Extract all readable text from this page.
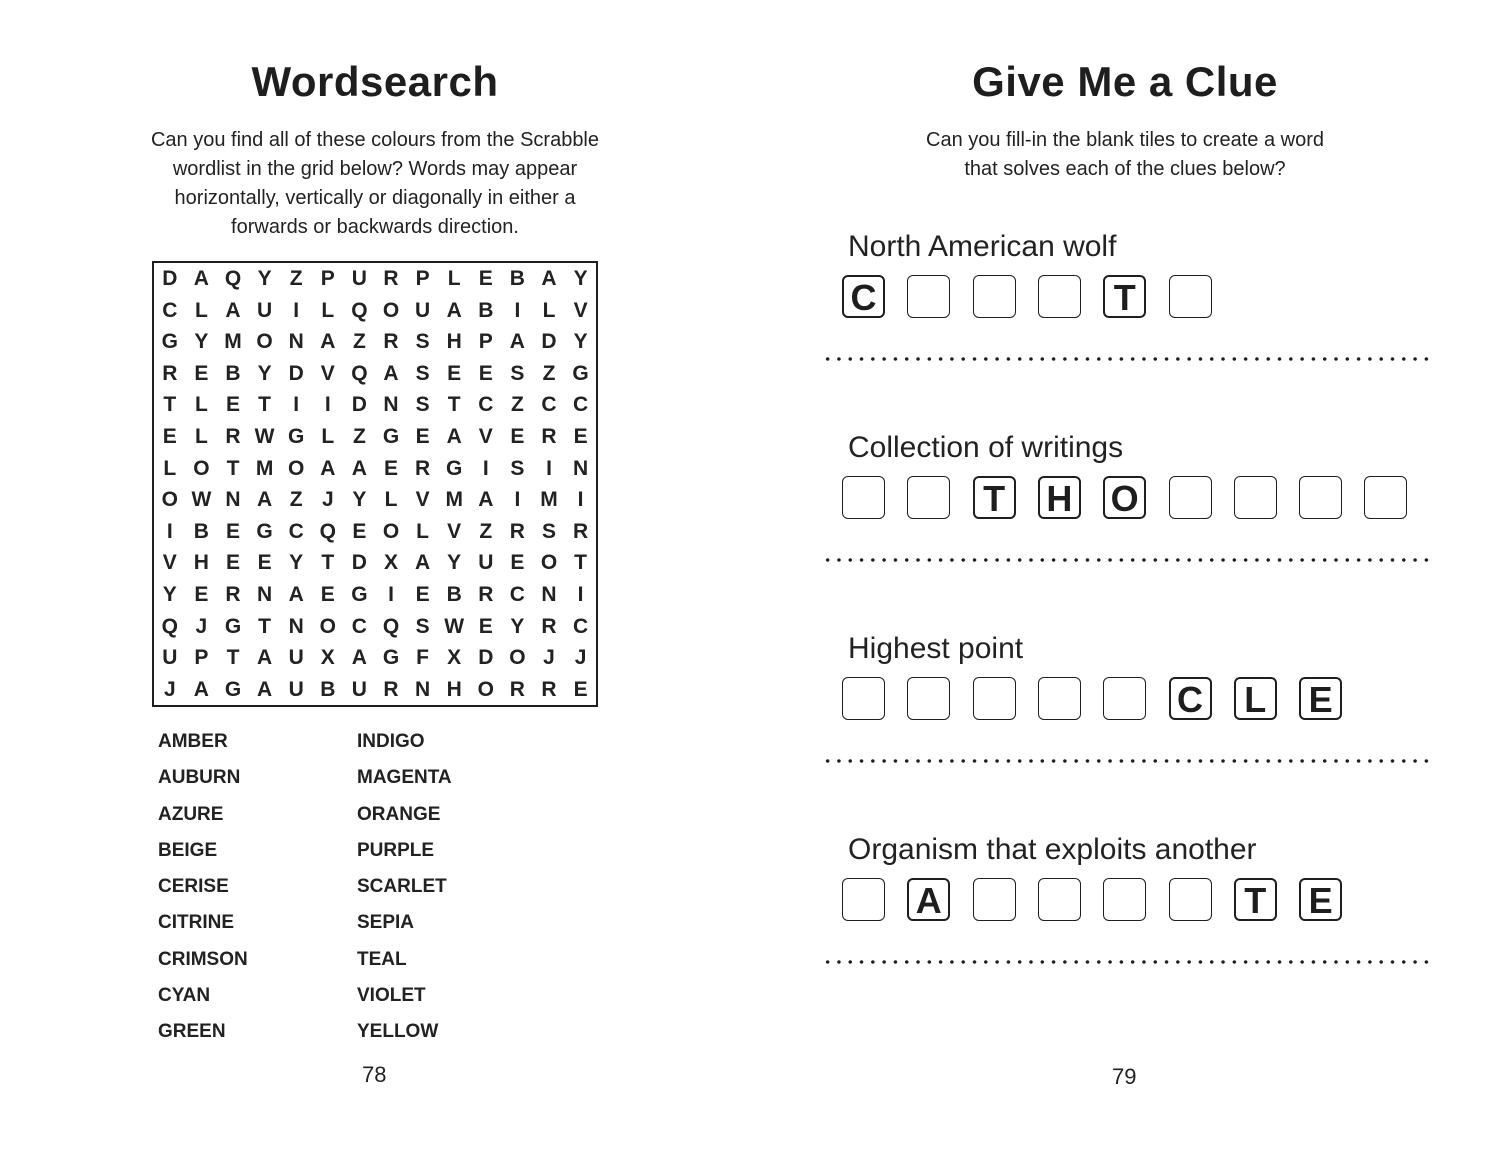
Wordsearch

Can you find all of these colours from the Scrabble
wordlist in the grid below? Words may appear
horizontally, vertically or diagonally in either a
forwards or backwards direction.

D A Q Y Z P U R P L E B A Y
C L A U	I	L Q O U A B	I	L V
G Y M O N A Z R S H P A D Y
R E B Y D V Q A S E E S Z G
T L E T	I	I	D N S T C Z C C
E L R W G L Z G E A V E R E
L O T M O A A E R G I	S	I	N
O W N A Z J Y L V M A	I M I
I	B E G C Q E O L V Z R S R
V H E E Y T D X A Y U E O T
Y E R N A E G I	E B R C N	I
Q J G T N O C Q S W E Y R C
U P T A U X A G F X D O J J
J A G A U B U R N H O R R E
AMBER
AUBURN
AZURE
BEIGE
CERISE
CITRINE
CRIMSON
CYAN
GREEN
INDIGO
MAGENTA
ORANGE
PURPLE
SCARLET
SEPIA
TEAL
VIOLET
YELLOW

78

Give Me a Clue

Can you fill-in the blank tiles to create a word
that solves each of the clues below?

North American wolf

C	T

Collection of writings

T H O

Highest point

C L E

Organism that exploits another

A	T E

79
